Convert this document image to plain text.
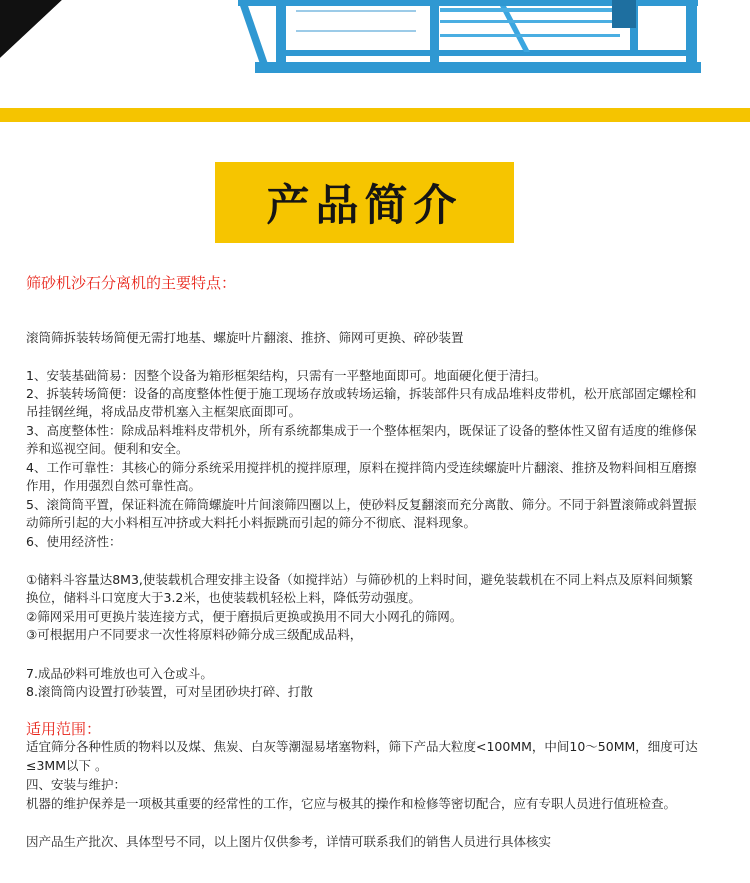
产品简介
筛砂机沙石分离机的主要特点：
滚筒筛拆装转场简便无需打地基、螺旋叶片翻滚、推挤、筛网可更换、碎砂装置
1、安装基础简易：因整个设备为箱形框架结构，只需有一平整地面即可。地面硬化便于清扫。
2、拆装转场简便：设备的高度整体性便于施工现场存放或转场运输，拆装部件只有成品堆料皮带机，松开底部固定螺栓和
吊挂钢丝绳，将成品皮带机塞入主框架底面即可。
3、高度整体性：除成品料堆料皮带机外，所有系统都集成于一个整体框架内，既保证了设备的整体性又留有适度的维修保
养和巡视空间。便利和安全。
4、工作可靠性：其核心的筛分系统采用搅拌机的搅拌原理，原料在搅拌筒内受连续螺旋叶片翻滚、推挤及物料间相互磨擦
作用，作用强烈自然可靠性高。
5、滚筒筒平置，保证料流在筛筒螺旋叶片间滚筛四圈以上，使砂料反复翻滚而充分离散、筛分。不同于斜置滚筛或斜置振
动筛所引起的大小料相互冲挤或大料托小料振跳而引起的筛分不彻底、混料现象。
6、使用经济性：
①储料斗容量达8M3,使装载机合理安排主设备（如搅拌站）与筛砂机的上料时间，避免装载机在不同上料点及原料间频繁
换位，储料斗口宽度大于3.2米，也使装载机轻松上料，降低劳动强度。
②筛网采用可更换片装连接方式，便于磨损后更换或换用不同大小网孔的筛网。
③可根据用户不同要求一次性将原料砂筛分成三级配成品料，
7.成品砂料可堆放也可入仓或斗。
8.滚筒筒内设置打砂装置，可对呈团砂块打碎、打散
适用范围：
适宜筛分各种性质的物料以及煤、焦炭、白灰等潮湿易堵塞物料，筛下产品大粒度<100MM，中间10～50MM，细度可达
≤3MM以下 。
四、安装与维护：
机器的维护保养是一项极其重要的经常性的工作，它应与极其的操作和检修等密切配合，应有专职人员进行值班检查。
因产品生产批次、具体型号不同，以上图片仅供参考，详情可联系我们的销售人员进行具体核实
